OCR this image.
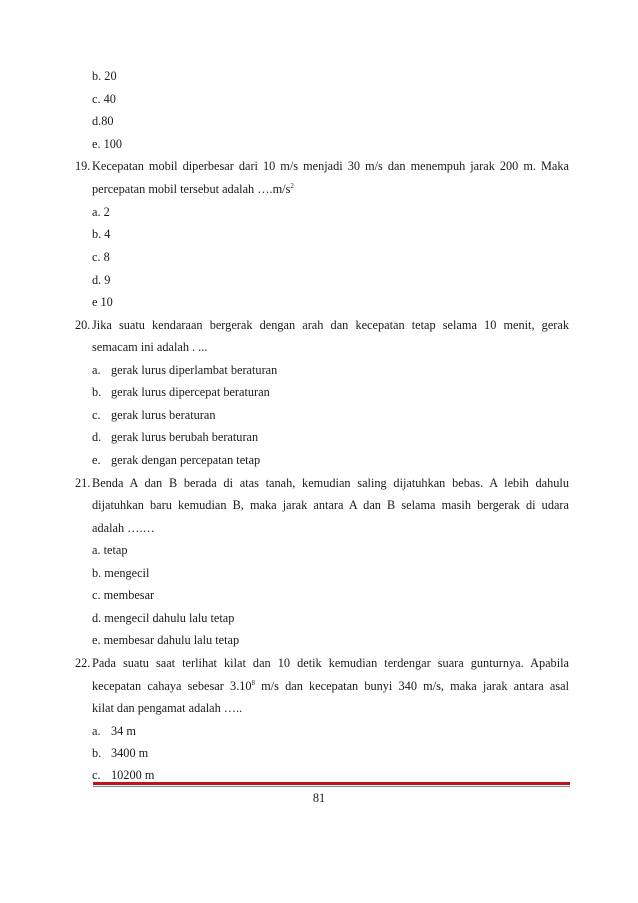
b. 20
c. 40
d.80
e. 100
19. Kecepatan mobil diperbesar dari 10 m/s menjadi 30 m/s dan menempuh jarak 200 m. Maka
percepatan mobil tersebut adalah $\dots.m/s^2$
a. 2
b. 4
c. 8
d. 9
e 10
20. Jika suatu kendaraan bergerak dengan arah dan kecepatan tetap selama 10 menit, gerak
semacam ini adalah . ...
a. gerak lurus diperlambat beraturan
b. gerak lurus dipercepat beraturan
c. gerak lurus beraturan
d. gerak lurus berubah beraturan
e. gerak dengan percepatan tetap
21. Benda A dan B berada di atas tanah, kemudian saling dijatuhkan bebas. A lebih dahulu
dijatuhkan baru kemudian B, maka jarak antara A dan B selama masih bergerak di udara
adalah ….…
a. tetap
b. mengecil
c. membesar
d. mengecil dahulu lalu tetap
e. membesar dahulu lalu tetap
22. Pada suatu saat terlihat kilat dan 10 detik kemudian terdengar suara gunturnya. Apabila
kecepatan cahaya sebesar 3.10$^8$ m/s dan kecepatan bunyi 340 m/s, maka jarak antara asal
kilat dan pengamat adalah …..
a. 34 m
b. 3400 m
c. 10200 m
81
